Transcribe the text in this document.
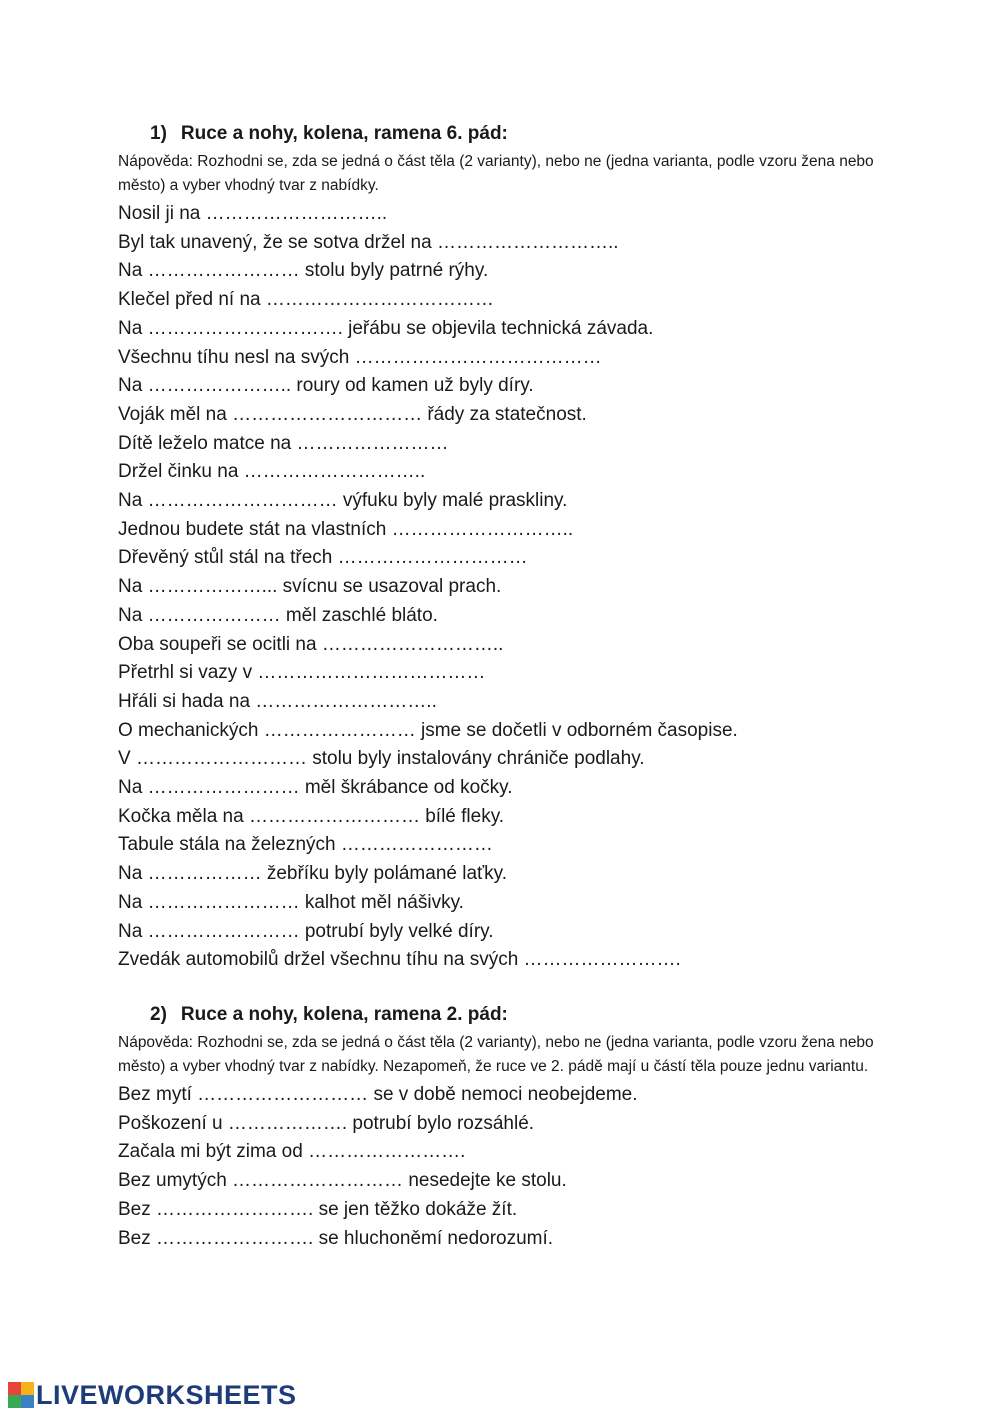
1) Ruce a nohy, kolena, ramena 6. pád:
Nápověda: Rozhodni se, zda se jedná o část těla (2 varianty), nebo ne (jedna varianta, podle vzoru žena nebo město) a vyber vhodný tvar z nabídky.
Nosil ji na ………………………..
Byl tak unavený, že se sotva držel na ………………………..
Na …………………… stolu byly patrné rýhy.
Klečel před ní na ………………………………
Na …………………………. jeřábu se objevila technická závada.
Všechnu tíhu nesl na svých …………………………………
Na ………………….. roury od kamen už byly díry.
Voják měl na ………………………… řády za statečnost.
Dítě leželo matce na ……………………
Držel činku na ………………………..
Na ………………………… výfuku byly malé praskliny.
Jednou budete stát na vlastních ………………………..
Dřevěný stůl stál na třech …………………………
Na ………………... svícnu se usazoval prach.
Na ………………… měl zaschlé bláto.
Oba soupeři se ocitli na ………………………..
Přetrhl si vazy v ………………………………
Hřáli si hada na ………………………..
O mechanických …………………… jsme se dočetli v odborném časopise.
V ……………………… stolu byly instalovány chrániče podlahy.
Na …………………… měl škrábance od kočky.
Kočka měla na ……………………… bílé fleky.
Tabule stála na železných ……………………
Na ……………… žebříku byly polámané laťky.
Na …………………… kalhot měl nášivky.
Na …………………… potrubí byly velké díry.
Zvedák automobilů držel všechnu tíhu na svých …………………….
2) Ruce a nohy, kolena, ramena 2. pád:
Nápověda: Rozhodni se, zda se jedná o část těla (2 varianty), nebo ne (jedna varianta, podle vzoru žena nebo město) a vyber vhodný tvar z nabídky. Nezapomeň, že ruce ve 2. pádě mají u částí těla pouze jednu variantu.
Bez mytí ……………………… se v době nemoci neobejdeme.
Poškození u ………………. potrubí bylo rozsáhlé.
Začala mi být zima od …………………….
Bez umytých ……………………… nesedejte ke stolu.
Bez ……………………. se jen těžko dokáže žít.
Bez ……………………. se hluchoněmí nedorozumí.
LIVEWORKSHEETS
